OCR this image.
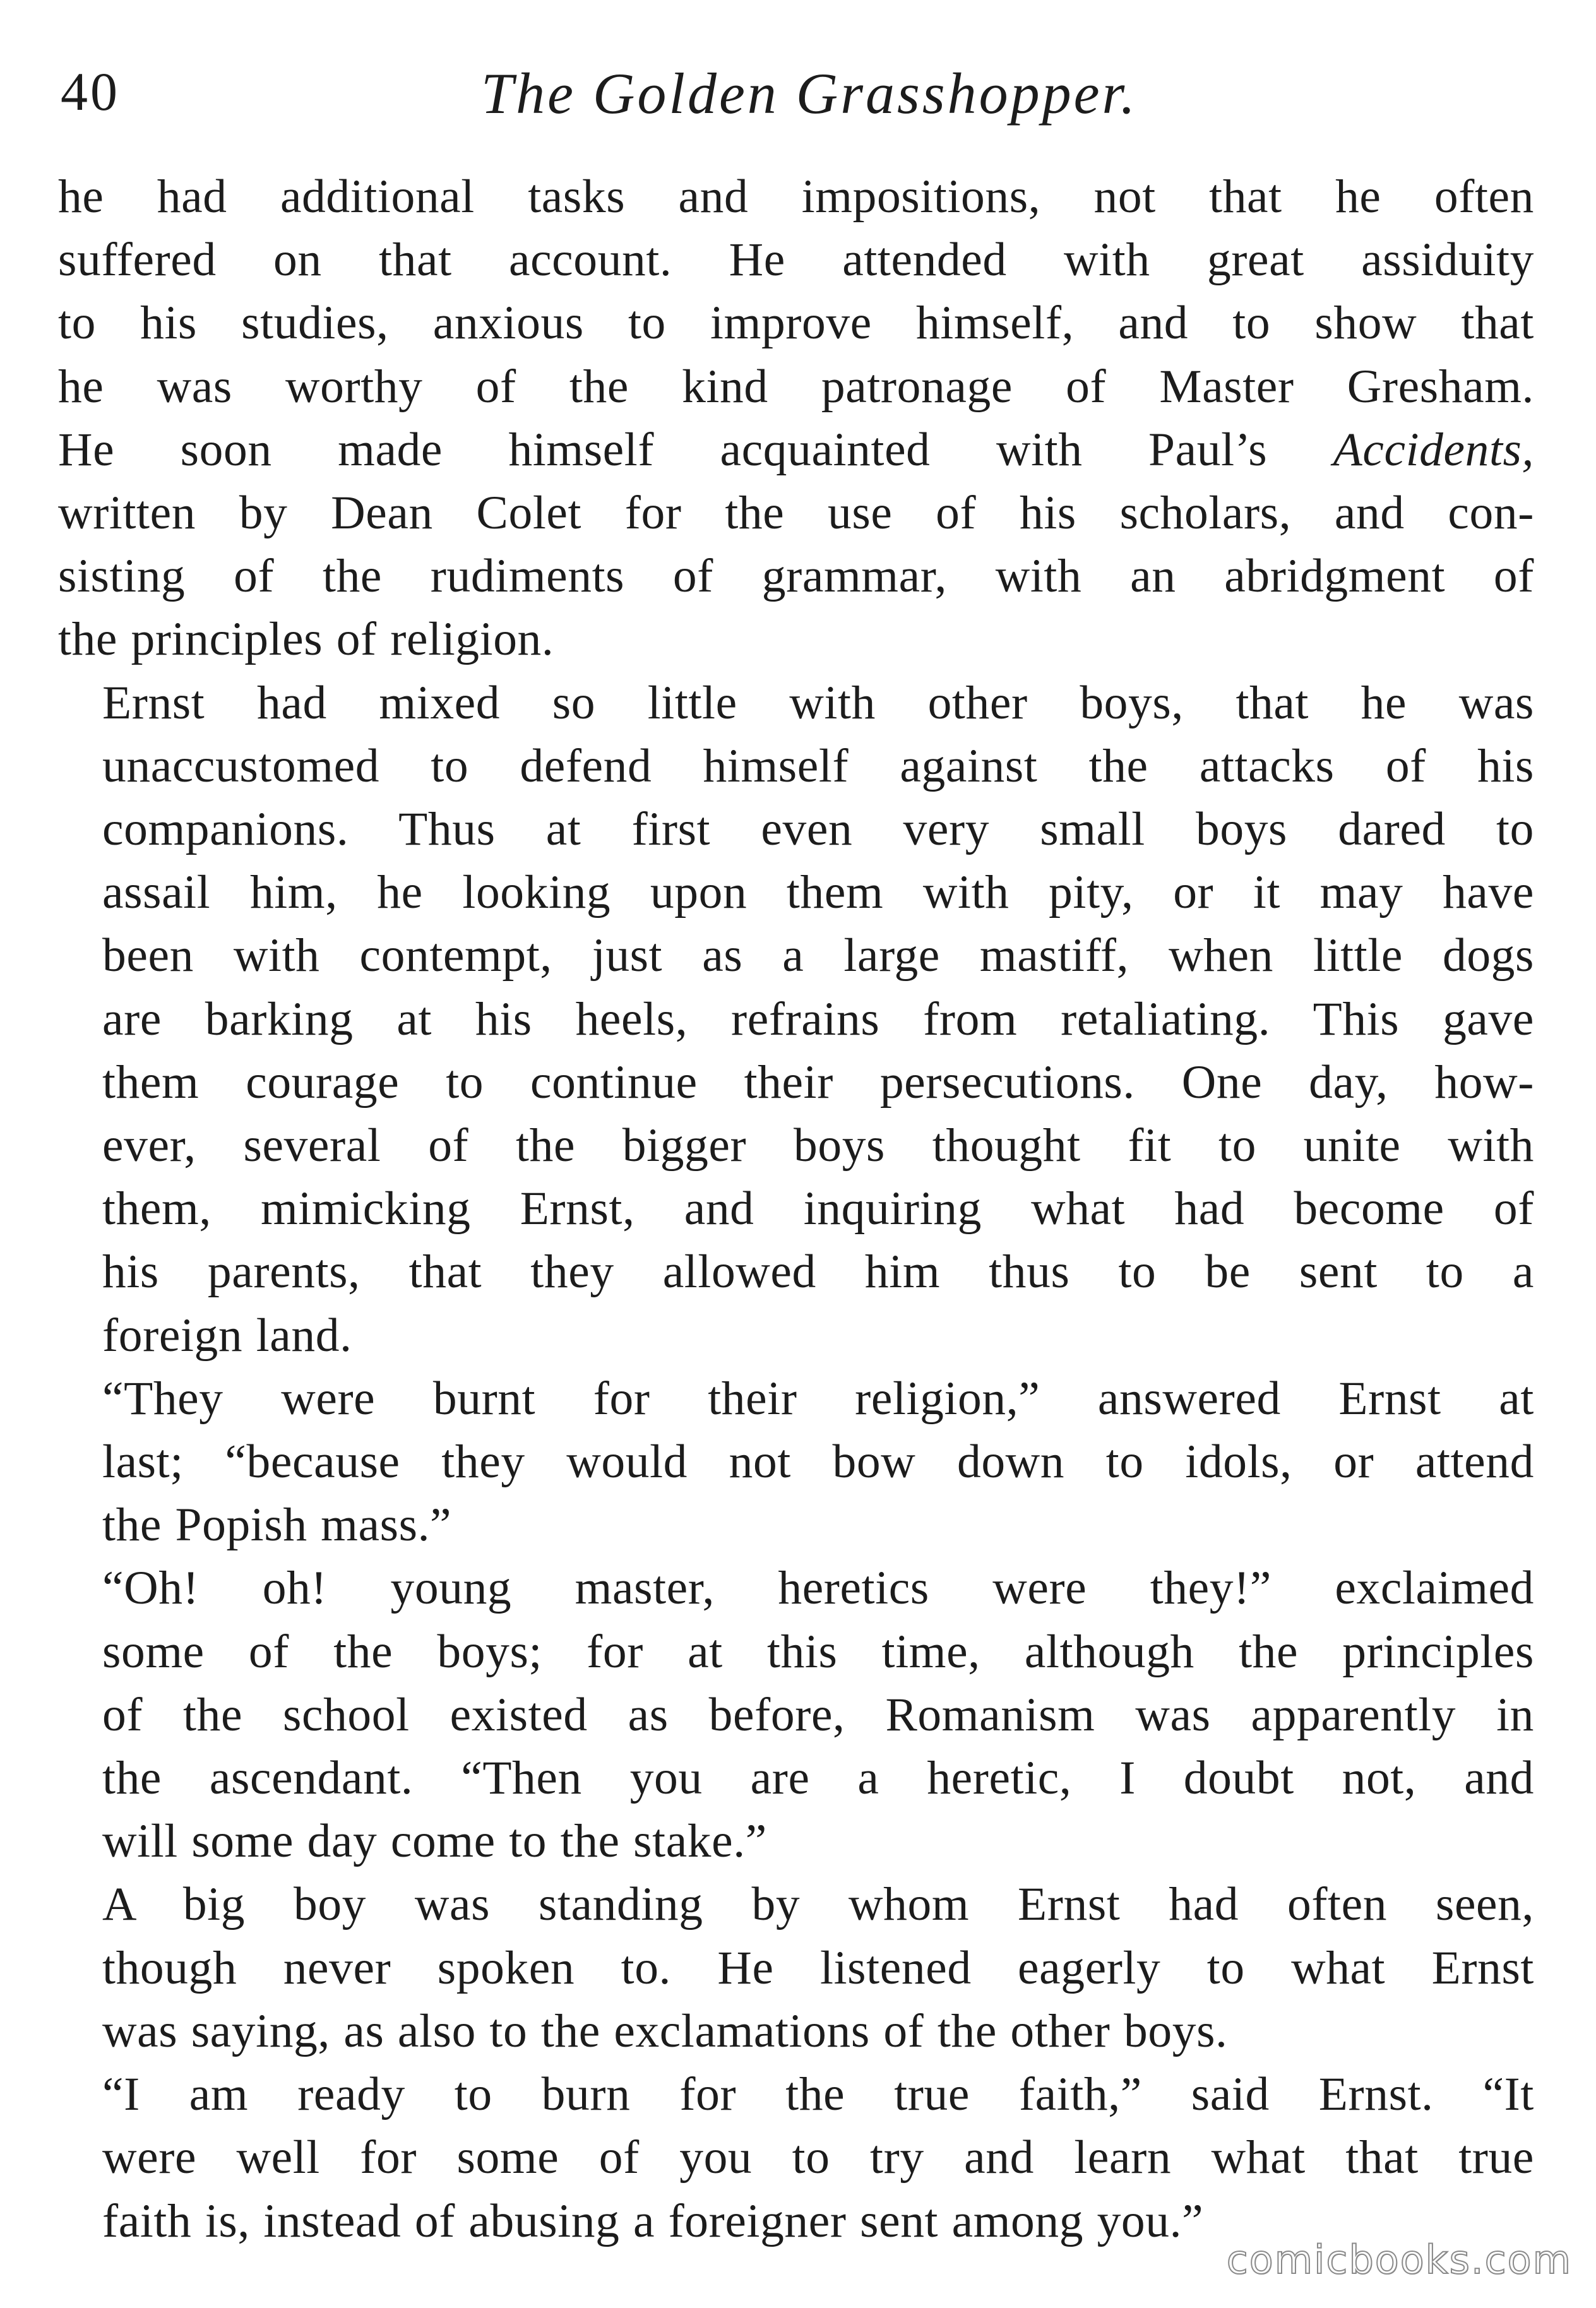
40	The Golden Grasshopper.

he had additional tasks and impositions, not that he often
suffered on that account. He attended with great assiduity
to his studies, anxious to improve himself, and to show that
he was worthy of the kind patronage of Master Gresham.
He soon made himself acquainted with Paul’s Accidents,
written by Dean Colet for the use of his scholars, and con-
sisting of the rudiments of grammar, with an abridgment of
the principles of religion.

Ernst had mixed so little with other boys, that he was
unaccustomed to defend himself against the attacks of his
companions. Thus at first even very small boys dared to
assail him, he looking upon them with pity, or it may have
been with contempt, just as a large mastiff, when little dogs
are barking at his heels, refrains from retaliating. This gave
them courage to continue their persecutions. One day, how-
ever, several of the bigger boys thought fit to unite with
them, mimicking Ernst, and inquiring what had become of
his parents, that they allowed him thus to be sent to a
foreign land.

“They were burnt for their religion,” answered Ernst at
last; “because they would not bow down to idols, or attend
the Popish mass.”

“Oh! oh! young master, heretics were they!” exclaimed
some of the boys; for at this time, although the principles
of the school existed as before, Romanism was apparently in
the ascendant. “Then you are a heretic, I doubt not, and
will some day come to the stake.”

A big boy was standing by whom Ernst had often seen,
though never spoken to. He listened eagerly to what Ernst
was saying, as also to the exclamations of the other boys.

“I am ready to burn for the true faith,” said Ernst. “It
were well for some of you to try and learn what that true
faith is, instead of abusing a foreigner sent among you.”

comicbooks.com
